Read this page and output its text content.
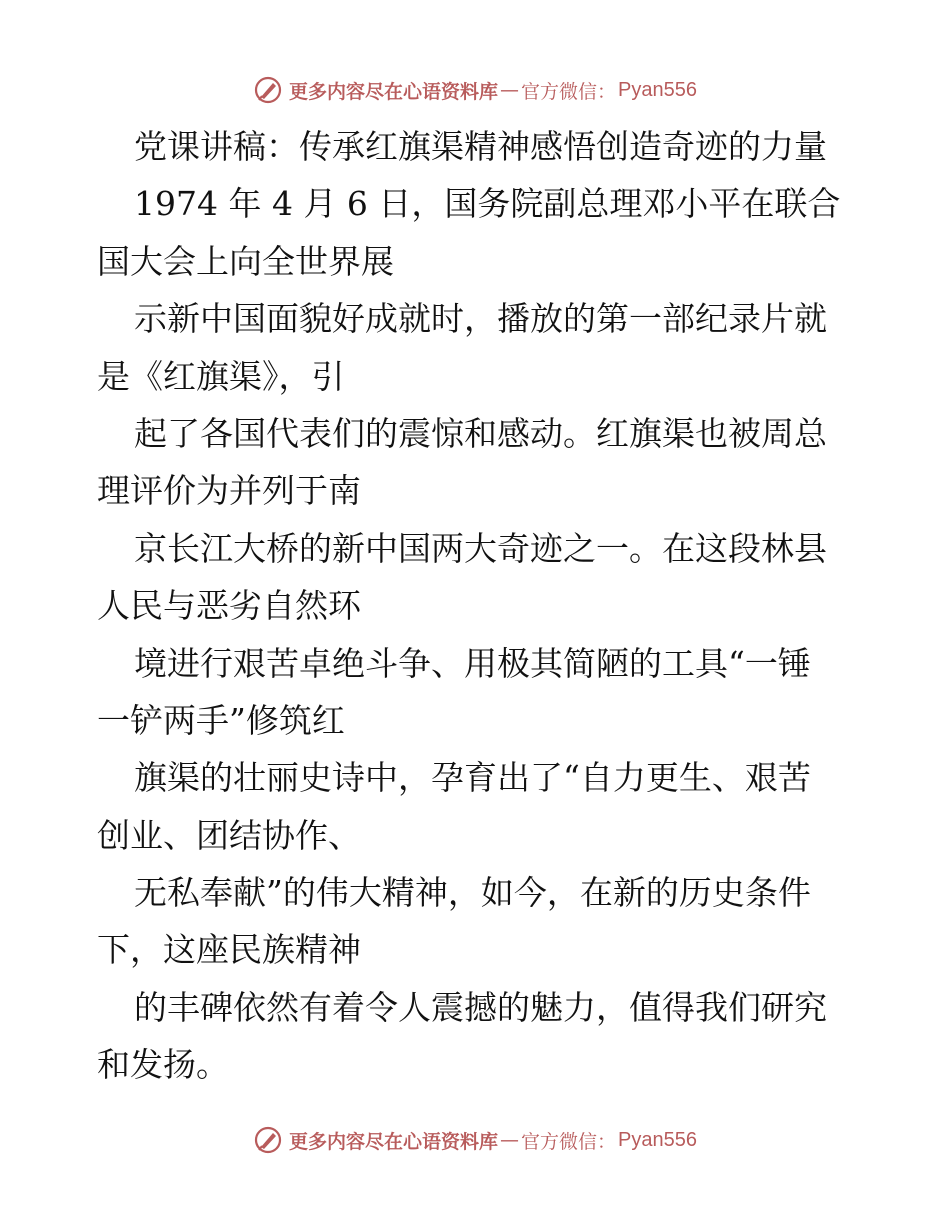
更多内容尽在心语资料库 — 官方微信： Pyan556
党课讲稿：传承红旗渠精神感悟创造奇迹的力量
1974 年 4 月 6 日，国务院副总理邓小平在联合
国大会上向全世界展
示新中国面貌好成就时，播放的第一部纪录片就
是《红旗渠》，引
起了各国代表们的震惊和感动。红旗渠也被周总
理评价为并列于南
京长江大桥的新中国两大奇迹之一。在这段林县
人民与恶劣自然环
境进行艰苦卓绝斗争、用极其简陋的工具“一锤
一铲两手”修筑红
旗渠的壮丽史诗中，孕育出了“自力更生、艰苦
创业、团结协作、
无私奉献”的伟大精神，如今，在新的历史条件
下，这座民族精神
的丰碑依然有着令人震撼的魅力，值得我们研究
和发扬。
更多内容尽在心语资料库 — 官方微信： Pyan556
